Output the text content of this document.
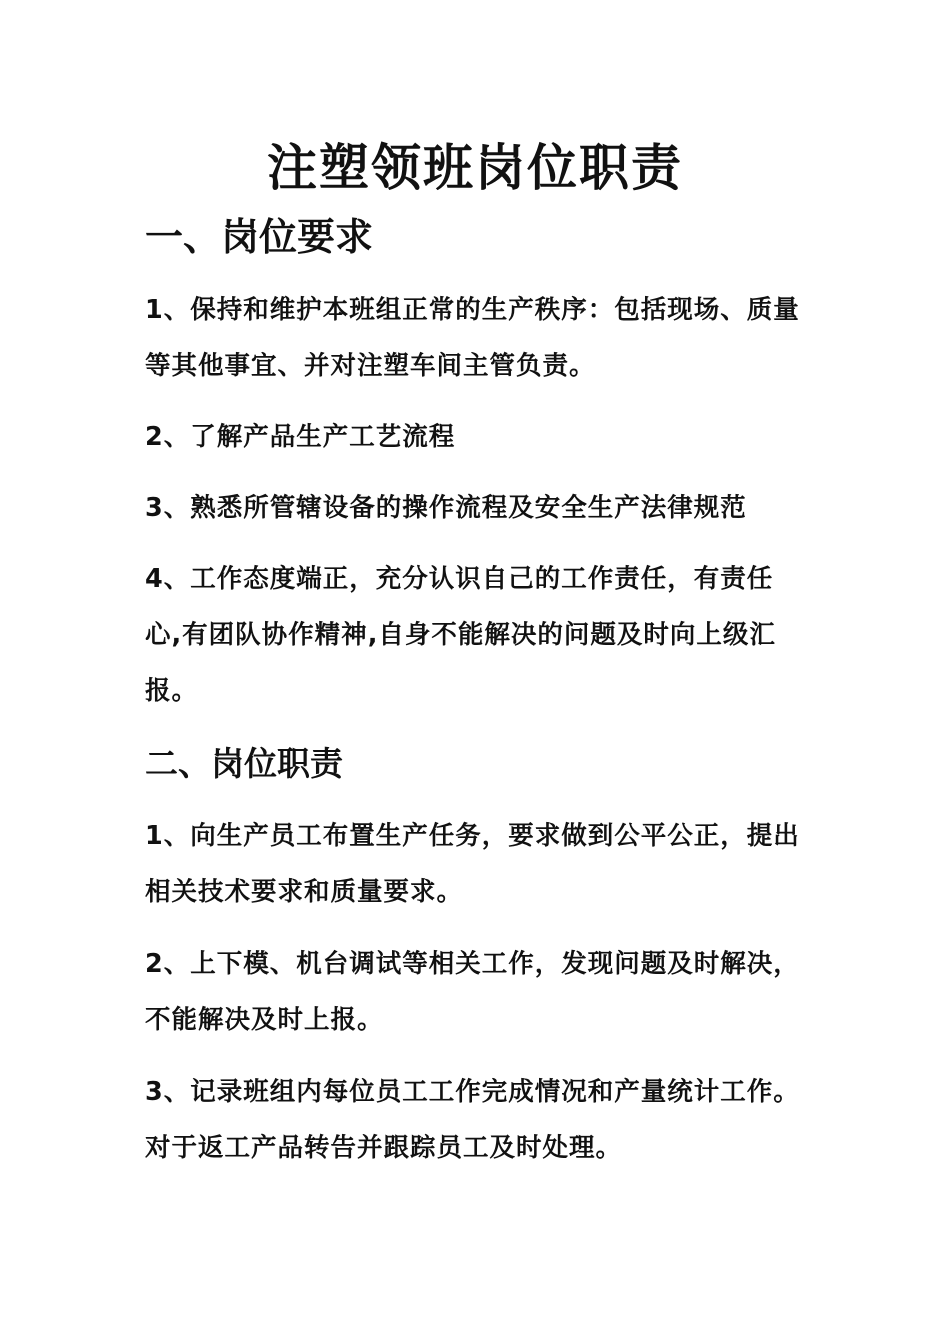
注塑领班岗位职责
一、岗位要求

1、保持和维护本班组正常的生产秩序：包括现场、质量等其他事宜、并对注塑车间主管负责。

2、了解产品生产工艺流程

3、熟悉所管辖设备的操作流程及安全生产法律规范

4、工作态度端正，充分认识自己的工作责任，有责任心,有团队协作精神,自身不能解决的问题及时向上级汇报。

二、岗位职责

1、向生产员工布置生产任务，要求做到公平公正，提出相关技术要求和质量要求。

2、上下模、机台调试等相关工作，发现问题及时解决，不能解决及时上报。

3、记录班组内每位员工工作完成情况和产量统计工作。对于返工产品转告并跟踪员工及时处理。
